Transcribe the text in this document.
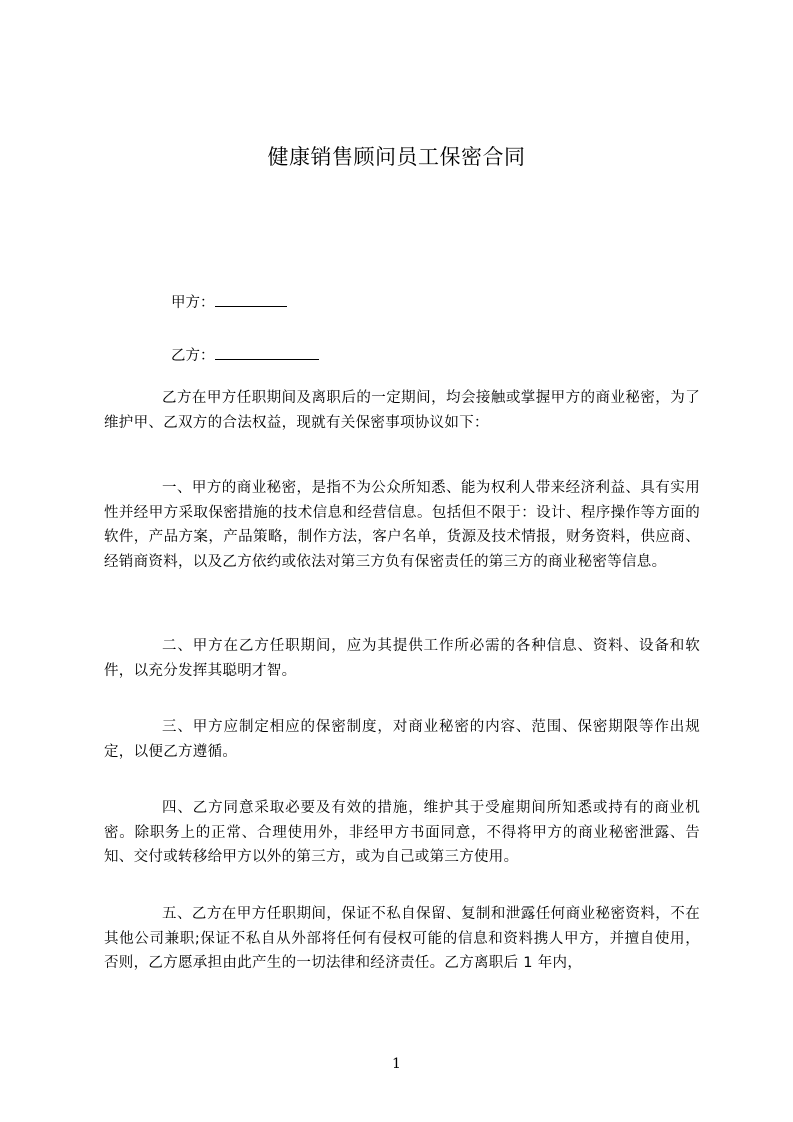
健康销售顾问员工保密合同
甲方：
乙方：

乙方在甲方任职期间及离职后的一定期间，均会接触或掌握甲方的商业秘密，为了维护甲、乙双方的合法权益，现就有关保密事项协议如下：

一、甲方的商业秘密，是指不为公众所知悉、能为权利人带来经济利益、具有实用性并经甲方采取保密措施的技术信息和经营信息。包括但不限于：设计、程序操作等方面的软件，产品方案，产品策略，制作方法，客户名单，货源及技术情报，财务资料，供应商、经销商资料，以及乙方依约或依法对第三方负有保密责任的第三方的商业秘密等信息。

二、甲方在乙方任职期间，应为其提供工作所必需的各种信息、资料、设备和软件，以充分发挥其聪明才智。

三、甲方应制定相应的保密制度，对商业秘密的内容、范围、保密期限等作出规定，以便乙方遵循。

四、乙方同意采取必要及有效的措施，维护其于受雇期间所知悉或持有的商业机密。除职务上的正常、合理使用外，非经甲方书面同意，不得将甲方的商业秘密泄露、告知、交付或转移给甲方以外的第三方，或为自己或第三方使用。

五、乙方在甲方任职期间，保证不私自保留、复制和泄露任何商业秘密资料，不在其他公司兼职;保证不私自从外部将任何有侵权可能的信息和资料携人甲方，并擅自使用，否则，乙方愿承担由此产生的一切法律和经济责任。乙方离职后 1 年内，

1
